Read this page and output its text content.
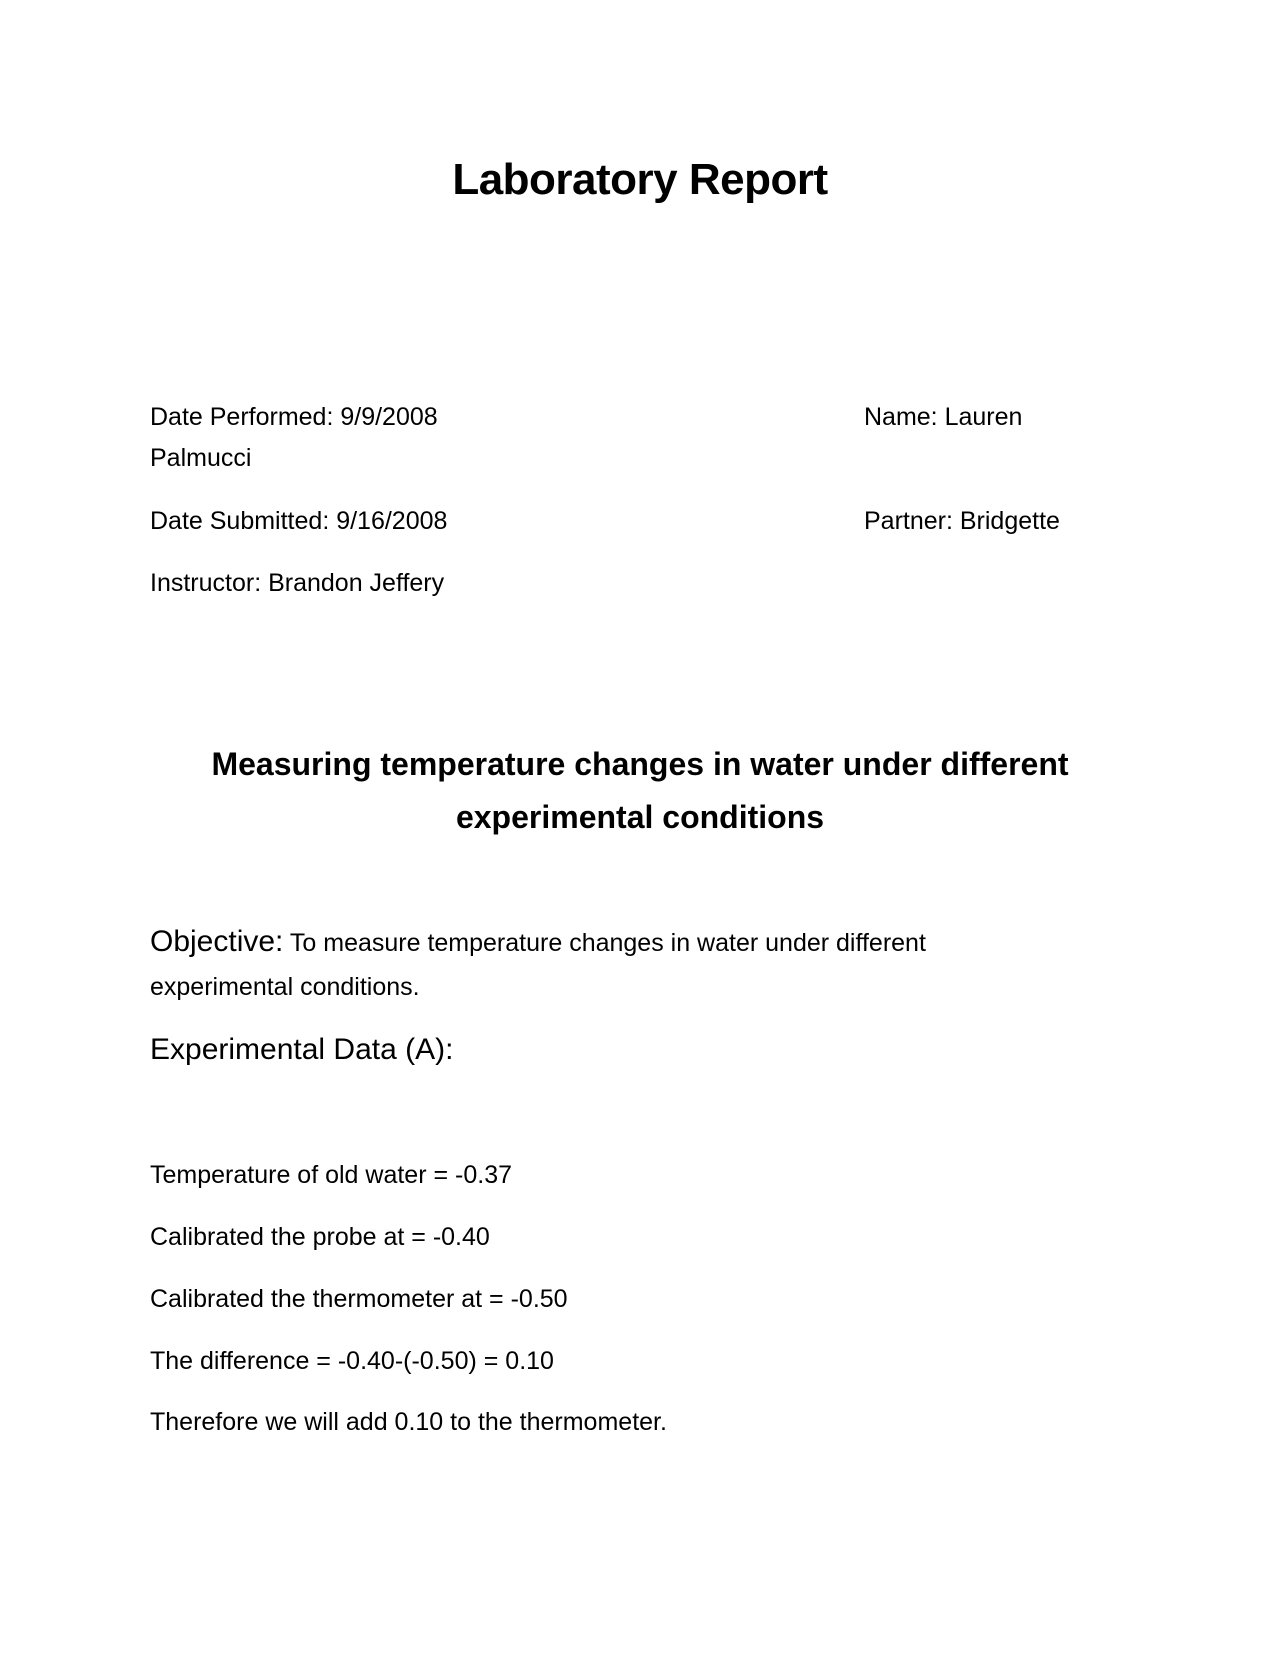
Laboratory Report
Date Performed: 9/9/2008	Name: Lauren
Palmucci
Date Submitted: 9/16/2008	Partner: Bridgette
Instructor: Brandon Jeffery
Measuring temperature changes in water under different experimental conditions
Objective: To measure temperature changes in water under different experimental conditions.
Experimental Data (A):
Temperature of old water = -0.37
Calibrated the probe at = -0.40
Calibrated the thermometer at = -0.50
The difference = -0.40-(-0.50) = 0.10
Therefore we will add 0.10 to the thermometer.
